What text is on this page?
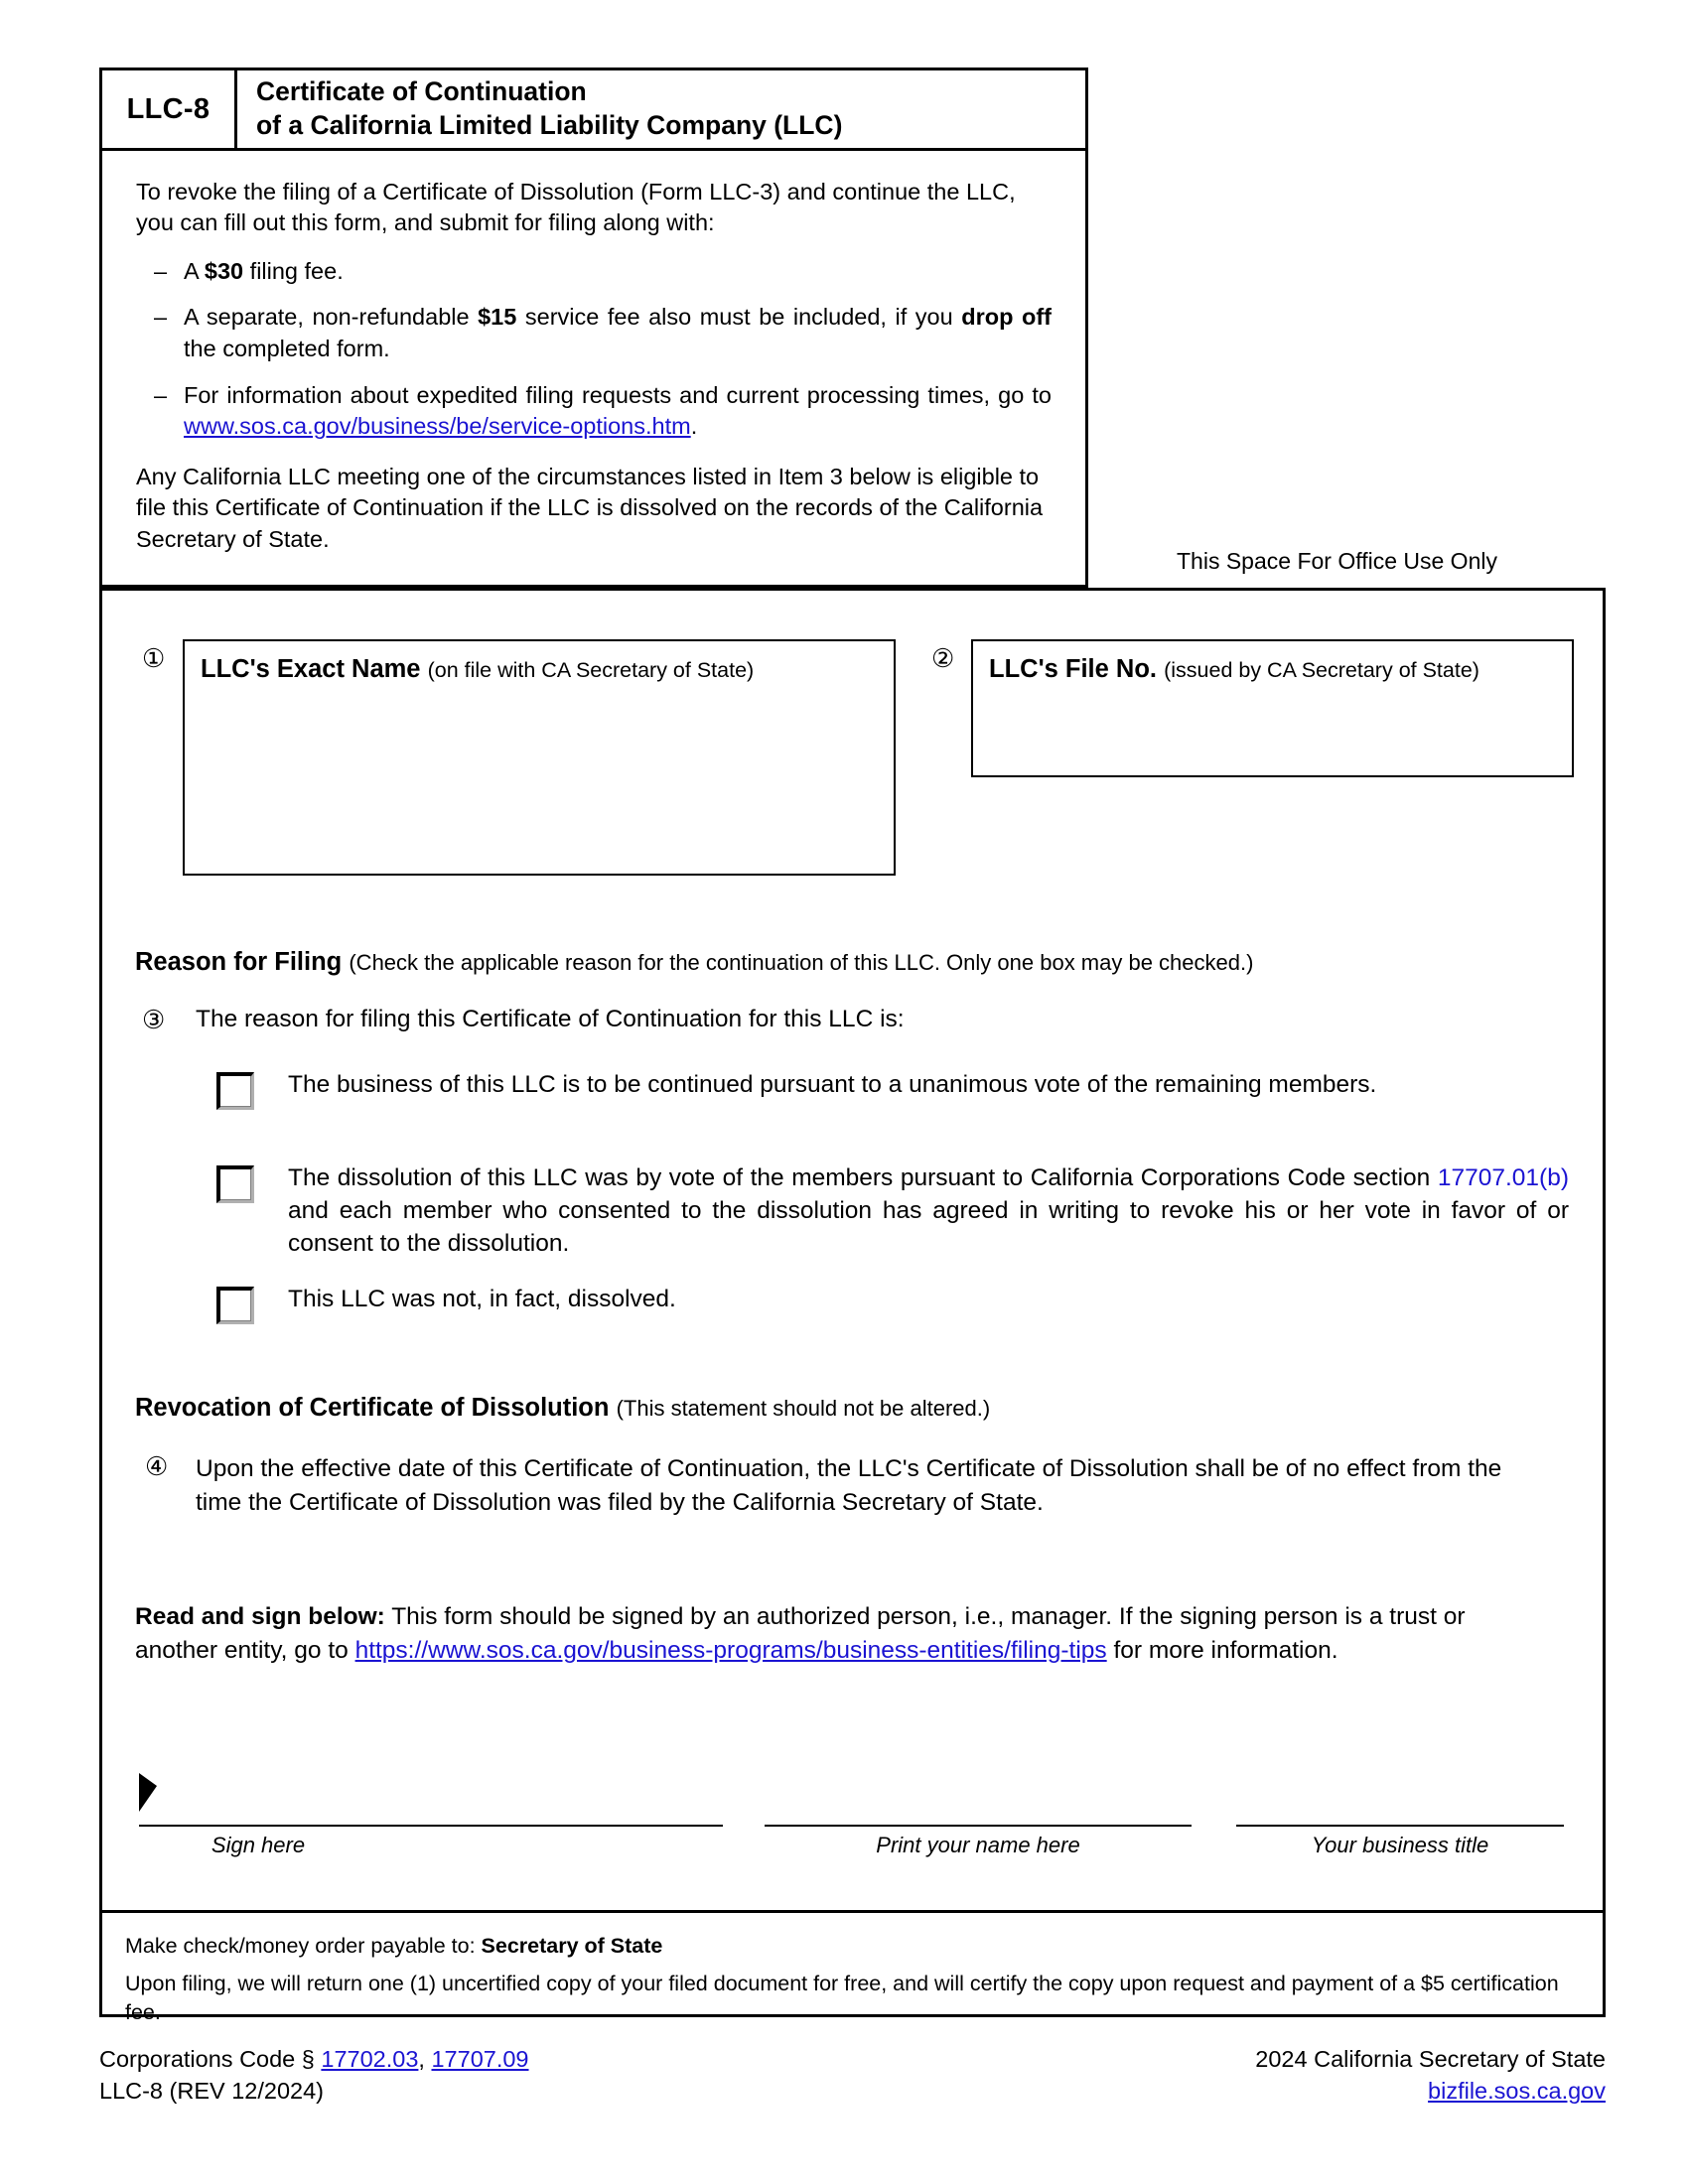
LLC-8
Certificate of Continuation
of a California Limited Liability Company (LLC)

To revoke the filing of a Certificate of Dissolution (Form LLC-3) and continue the LLC, you can fill out this form, and submit for filing along with:

– A $30 filing fee.
– A separate, non-refundable $15 service fee also must be included, if you drop off the completed form.
– For information about expedited filing requests and current processing times, go to www.sos.ca.gov/business/be/service-options.htm.

Any California LLC meeting one of the circumstances listed in Item 3 below is eligible to file this Certificate of Continuation if the LLC is dissolved on the records of the California Secretary of State.

This Space For Office Use Only
① LLC's Exact Name (on file with CA Secretary of State)	② LLC's File No. (issued by CA Secretary of State)
Reason for Filing (Check the applicable reason for the continuation of this LLC. Only one box may be checked.)
③ The reason for filing this Certificate of Continuation for this LLC is:
The business of this LLC is to be continued pursuant to a unanimous vote of the remaining members.
The dissolution of this LLC was by vote of the members pursuant to California Corporations Code section 17707.01(b) and each member who consented to the dissolution has agreed in writing to revoke his or her vote in favor of or consent to the dissolution.
This LLC was not, in fact, dissolved.
Revocation of Certificate of Dissolution (This statement should not be altered.)
④ Upon the effective date of this Certificate of Continuation, the LLC's Certificate of Dissolution shall be of no effect from the time the Certificate of Dissolution was filed by the California Secretary of State.
Read and sign below: This form should be signed by an authorized person, i.e., manager. If the signing person is a trust or another entity, go to https://www.sos.ca.gov/business-programs/business-entities/filing-tips for more information.
Sign here	Print your name here	Your business title

Make check/money order payable to: Secretary of State

Upon filing, we will return one (1) uncertified copy of your filed document for free, and will certify the copy upon request and payment of a $5 certification fee.

Corporations Code § 17702.03, 17707.09
LLC-8 (REV 12/2024)
2024 California Secretary of State
bizfile.sos.ca.gov
